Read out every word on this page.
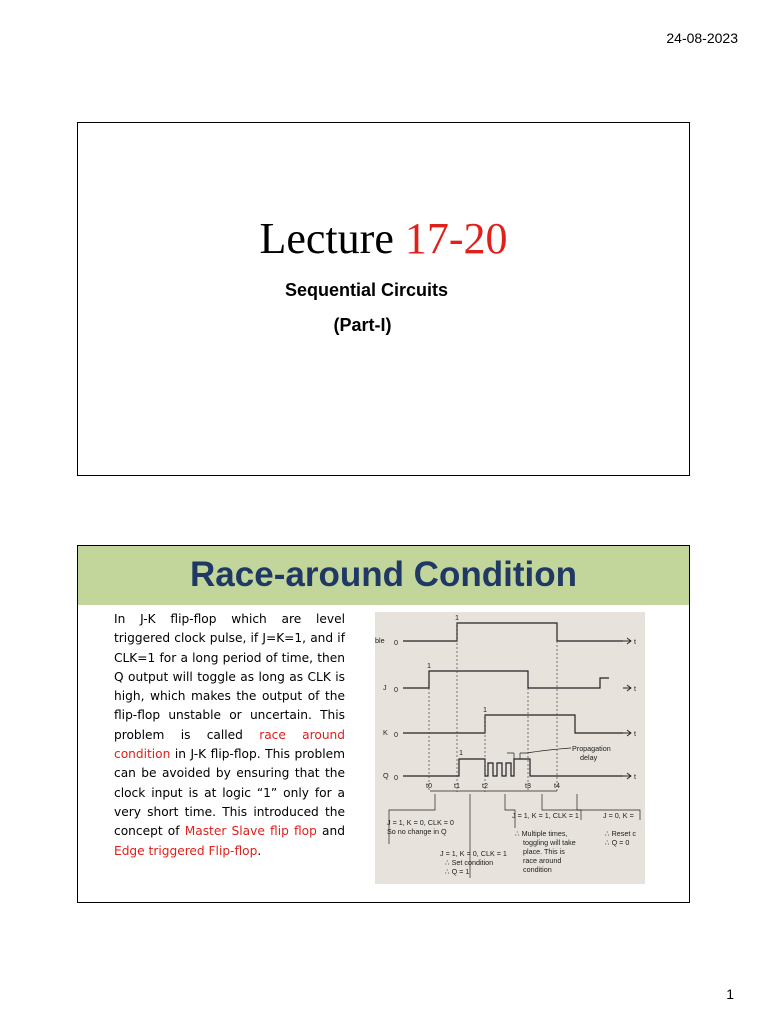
24-08-2023
Lecture 17-20
Sequential Circuits
(Part-I)
Race-around Condition
In J-K flip-flop which are level triggered clock pulse, if J=K=1, and if CLK=1 for a long period of time, then Q output will toggle as long as CLK is high, which makes the output of the flip-flop unstable or uncertain. This problem is called race around condition in J-K flip-flop. This problem can be avoided by ensuring that the clock input is at logic “1” only for a very short time. This introduced the concept of Master Slave flip flop and Edge triggered Flip-flop.
ble
J
K
Q
0
0
0
0
1
1
1
1
t
t
t
t
Propagation
delay
t0	t1	t2	t3	t4
J = 1, K = 0, CLK = 0
So no change in Q
J = 1, K = 0, CLK = 1
∴ Set condition
∴ Q = 1
J = 1, K = 1, CLK = 1
∴ Multiple times,
toggling will take
place. This is
race around
condition
J = 0, K =
∴ Reset c
∴ Q = 0
1
